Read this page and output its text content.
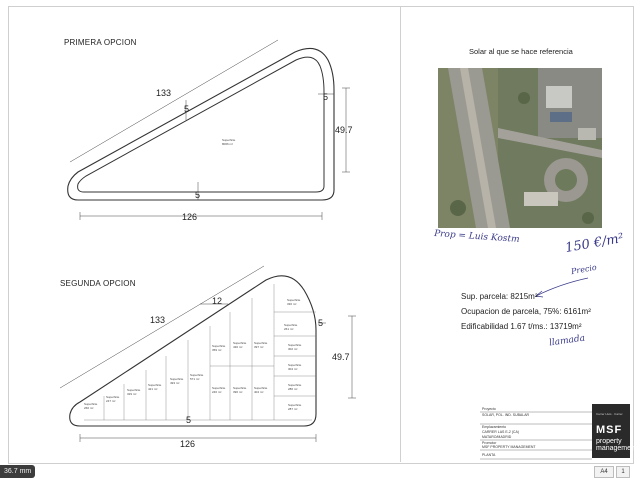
PRIMERA OPCION
133
5
5
49.7
5
126
Superficie
8066 m²
SEGUNDA OPCION
133
12
5
49.7
5
126
Superficie
260 m²
Superficie
247 m²
Superficie
329 m²
Superficie
421 m²
Superficie
493 m²
Superficie
571 m²
Superficie
359 m²
Superficie
430 m²
Superficie
397 m²
Superficie
246 m²
Superficie
396 m²
Superficie
404 m²
Superficie
330 m²
Superficie
261 m²
Superficie
302 m²
Superficie
304 m²
Superficie
286 m²
Superficie
287 m²
Solar al que se hace referencia
Prop = Luis Kostm	150 €/m²
Precio
llamada
Sup. parcela: 8215m²
Ocupacion de parcela, 75%: 6161m²
Edificabilidad 1.67 t/ms.: 13719m²
Proyecto
SOLAR, POL. IND. SUBALAR
Emplazamiento
CARRER LAS E-2 (CA)
MATARO/MADRID
Promotor
MSF PROPERTY MANAGEMENT
PLANTA
Carrer Lluis · Carrer
MSF
property management
36.7 mm	A4	1
